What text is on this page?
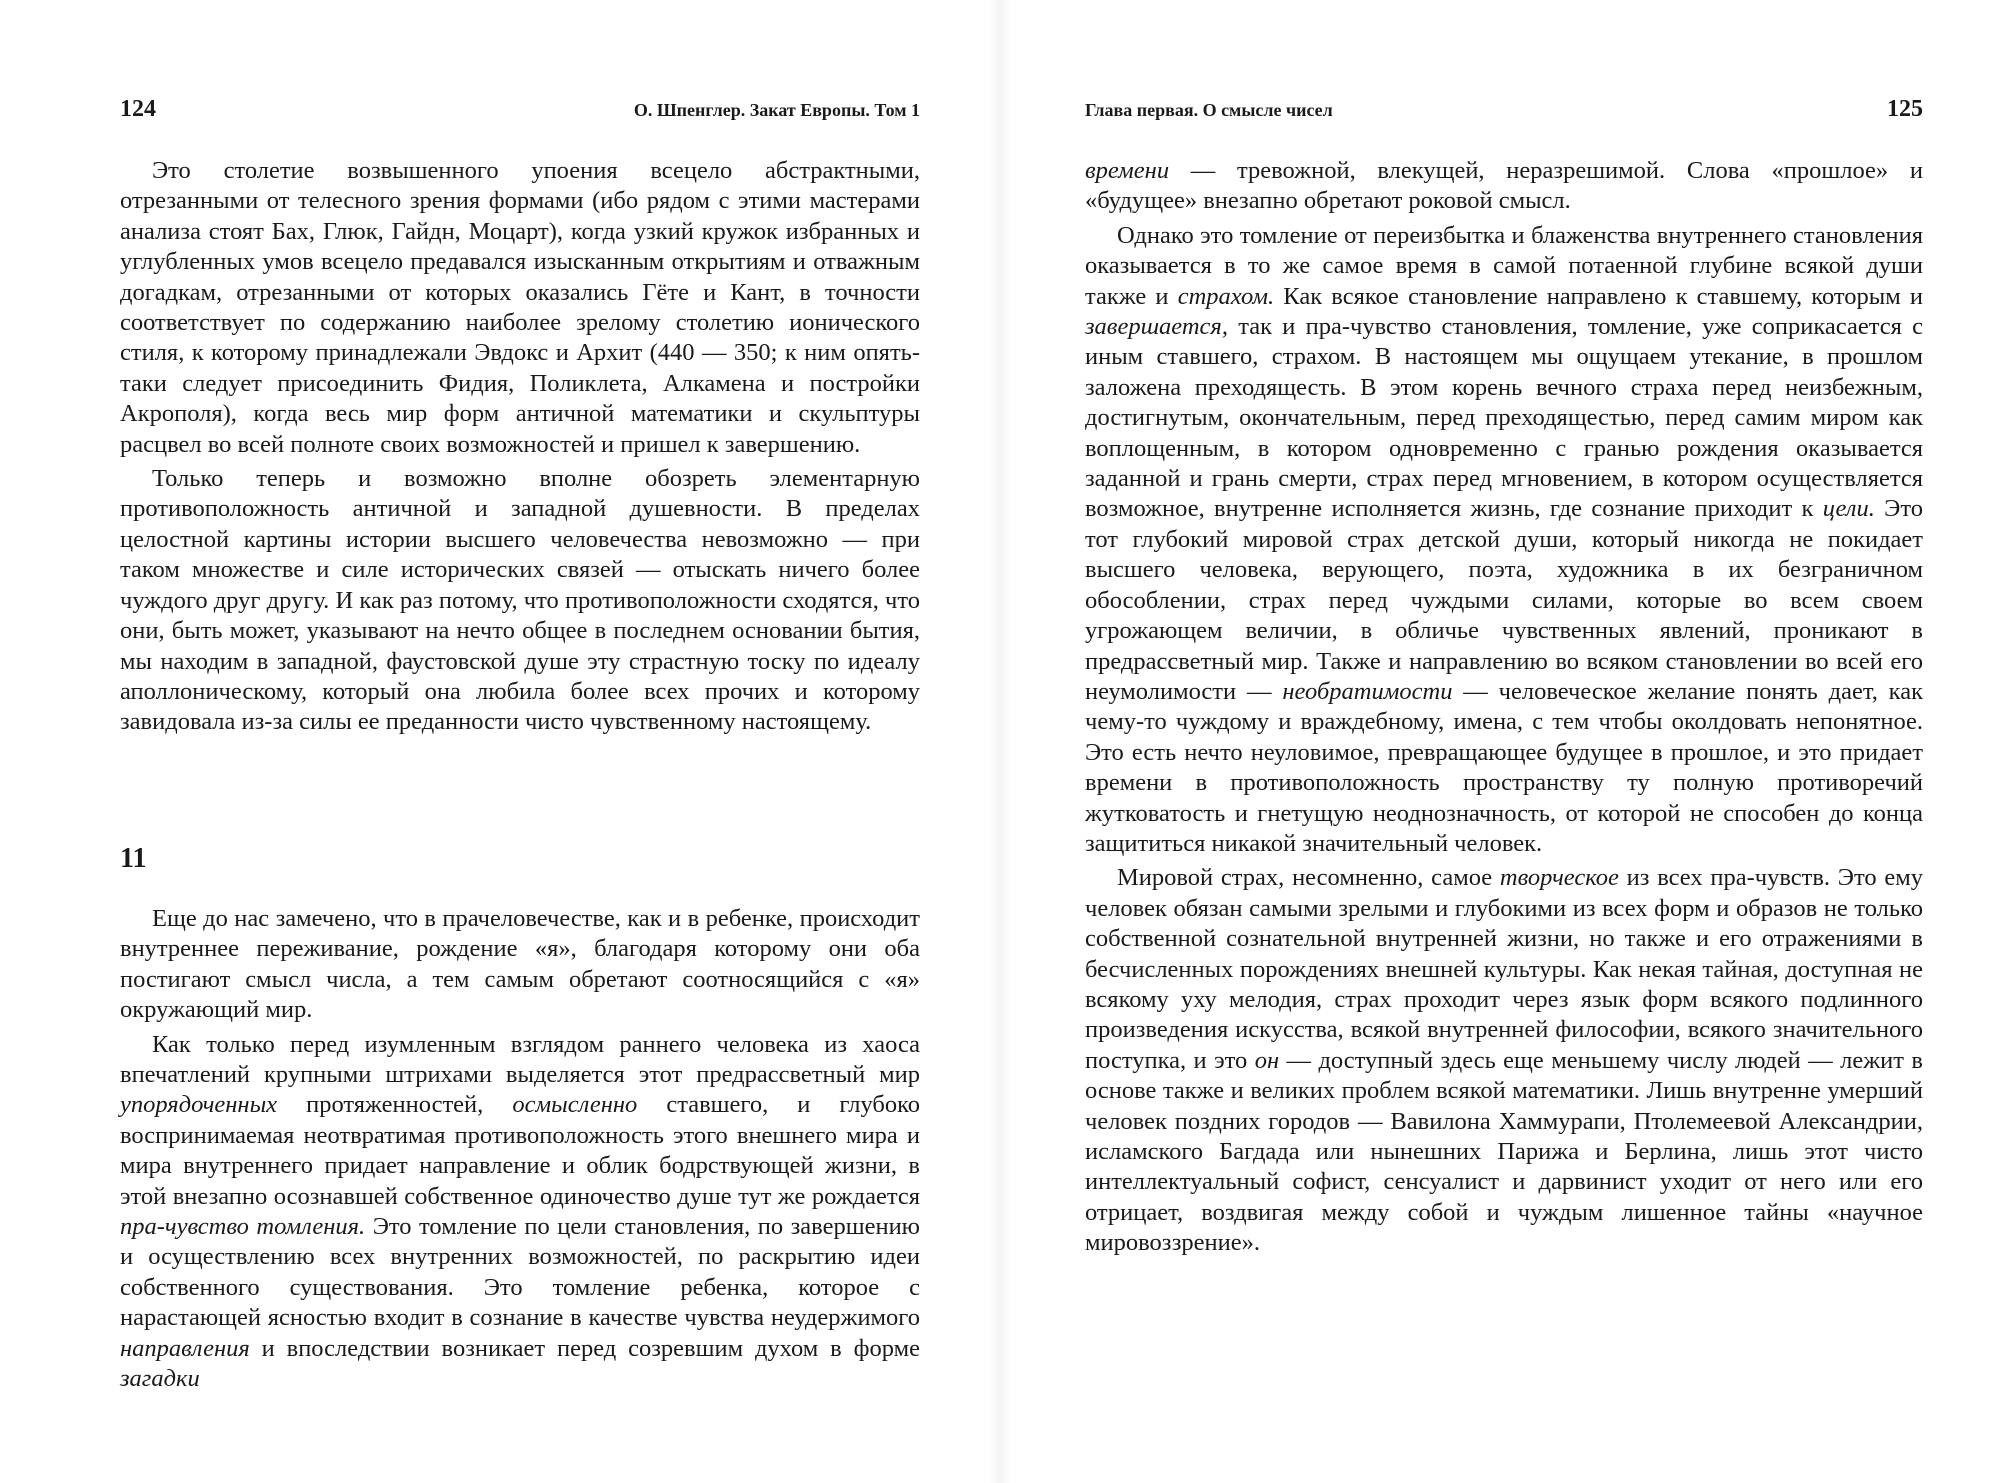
124	О. Шпенглер. Закат Европы. Том 1

Это столетие возвышенного упоения всецело абстрактными, отрезанными от телесного зрения формами (ибо рядом с этими мастерами анализа стоят Бах, Глюк, Гайдн, Моцарт), когда узкий кружок избранных и углубленных умов всецело предавался изысканным открытиям и отважным догадкам, отрезанными от которых оказались Гёте и Кант, в точности соответствует по содержанию наиболее зрелому столетию ионического стиля, к которому принадлежали Эвдокс и Архит (440 — 350; к ним опять-таки следует присоединить Фидия, Поликлета, Алкамена и постройки Акрополя), когда весь мир форм античной математики и скульптуры расцвел во всей полноте своих возможностей и пришел к завершению.

Только теперь и возможно вполне обозреть элементарную противоположность античной и западной душевности. В пределах целостной картины истории высшего человечества невозможно — при таком множестве и силе исторических связей — отыскать ничего более чуждого друг другу. И как раз потому, что противоположности сходятся, что они, быть может, указывают на нечто общее в последнем основании бытия, мы находим в западной, фаустовской душе эту страстную тоску по идеалу аполлоническому, который она любила более всех прочих и которому завидовала из-за силы ее преданности чисто чувственному настоящему.

11

Еще до нас замечено, что в прачеловечестве, как и в ребенке, происходит внутреннее переживание, рождение «я», благодаря которому они оба постигают смысл числа, а тем самым обретают соотносящийся с «я» окружающий мир.

Как только перед изумленным взглядом раннего человека из хаоса впечатлений крупными штрихами выделяется этот предрассветный мир упорядоченных протяженностей, осмысленно ставшего, и глубоко воспринимаемая неотвратимая противоположность этого внешнего мира и мира внутреннего придает направление и облик бодрствующей жизни, в этой внезапно осознавшей собственное одиночество душе тут же рождается пра-чувство томления. Это томление по цели становления, по завершению и осуществлению всех внутренних возможностей, по раскрытию идеи собственного существования. Это томление ребенка, которое с нарастающей ясностью входит в сознание в качестве чувства неудержимого направления и впоследствии возникает перед созревшим духом в форме загадки

Глава первая. О смысле чисел	125

времени — тревожной, влекущей, неразрешимой. Слова «прошлое» и «будущее» внезапно обретают роковой смысл.

Однако это томление от переизбытка и блаженства внутреннего становления оказывается в то же самое время в самой потаенной глубине всякой души также и страхом. Как всякое становление направлено к ставшему, которым и завершается, так и пра-чувство становления, томление, уже соприкасается с иным ставшего, страхом. В настоящем мы ощущаем утекание, в прошлом заложена преходящесть. В этом корень вечного страха перед неизбежным, достигнутым, окончательным, перед преходящестью, перед самим миром как воплощенным, в котором одновременно с гранью рождения оказывается заданной и грань смерти, страх перед мгновением, в котором осуществляется возможное, внутренне исполняется жизнь, где сознание приходит к цели. Это тот глубокий мировой страх детской души, который никогда не покидает высшего человека, верующего, поэта, художника в их безграничном обособлении, страх перед чуждыми силами, которые во всем своем угрожающем величии, в обличье чувственных явлений, проникают в предрассветный мир. Также и направлению во всяком становлении во всей его неумолимости — необратимости — человеческое желание понять дает, как чему-то чуждому и враждебному, имена, с тем чтобы околдовать непонятное. Это есть нечто неуловимое, превращающее будущее в прошлое, и это придает времени в противоположность пространству ту полную противоречий жутковатость и гнетущую неоднозначность, от которой не способен до конца защититься никакой значительный человек.

Мировой страх, несомненно, самое творческое из всех пра-чувств. Это ему человек обязан самыми зрелыми и глубокими из всех форм и образов не только собственной сознательной внутренней жизни, но также и его отражениями в бесчисленных порождениях внешней культуры. Как некая тайная, доступная не всякому уху мелодия, страх проходит через язык форм всякого подлинного произведения искусства, всякой внутренней философии, всякого значительного поступка, и это он — доступный здесь еще меньшему числу людей — лежит в основе также и великих проблем всякой математики. Лишь внутренне умерший человек поздних городов — Вавилона Хаммурапи, Птолемеевой Александрии, исламского Багдада или нынешних Парижа и Берлина, лишь этот чисто интеллектуальный софист, сенсуалист и дарвинист уходит от него или его отрицает, воздвигая между собой и чуждым лишенное тайны «научное мировоззрение».
